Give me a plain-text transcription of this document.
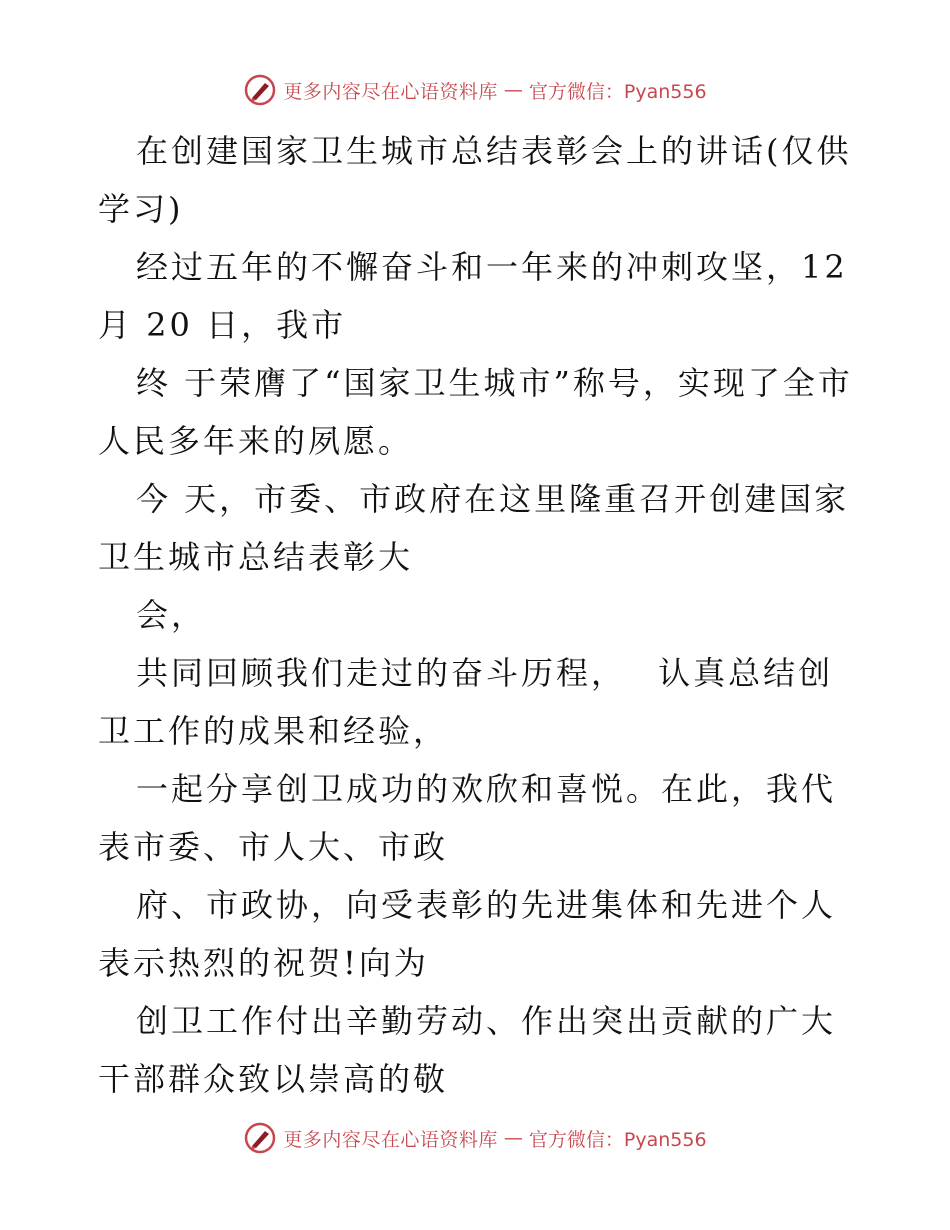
更多内容尽在心语资料库 — 官方微信：Pyan556

在创建国家卫生城市总结表彰会上的讲话(仅供学习)

经过五年的不懈奋斗和一年来的冲刺攻坚，12 月 20 日，我市

终 于荣膺了“国家卫生城市”称号，实现了全市人民多年来的夙愿。

今 天，市委、市政府在这里隆重召开创建国家卫生城市总结表彰大

会，

共同回顾我们走过的奋斗历程，　 认真总结创卫工作的成果和经验，

一起分享创卫成功的欢欣和喜悦。在此，我代表市委、市人大、市政

府、市政协，向受表彰的先进集体和先进个人表示热烈的祝贺!向为

创卫工作付出辛勤劳动、作出突出贡献的广大干部群众致以崇高的敬

更多内容尽在心语资料库 — 官方微信：Pyan556
